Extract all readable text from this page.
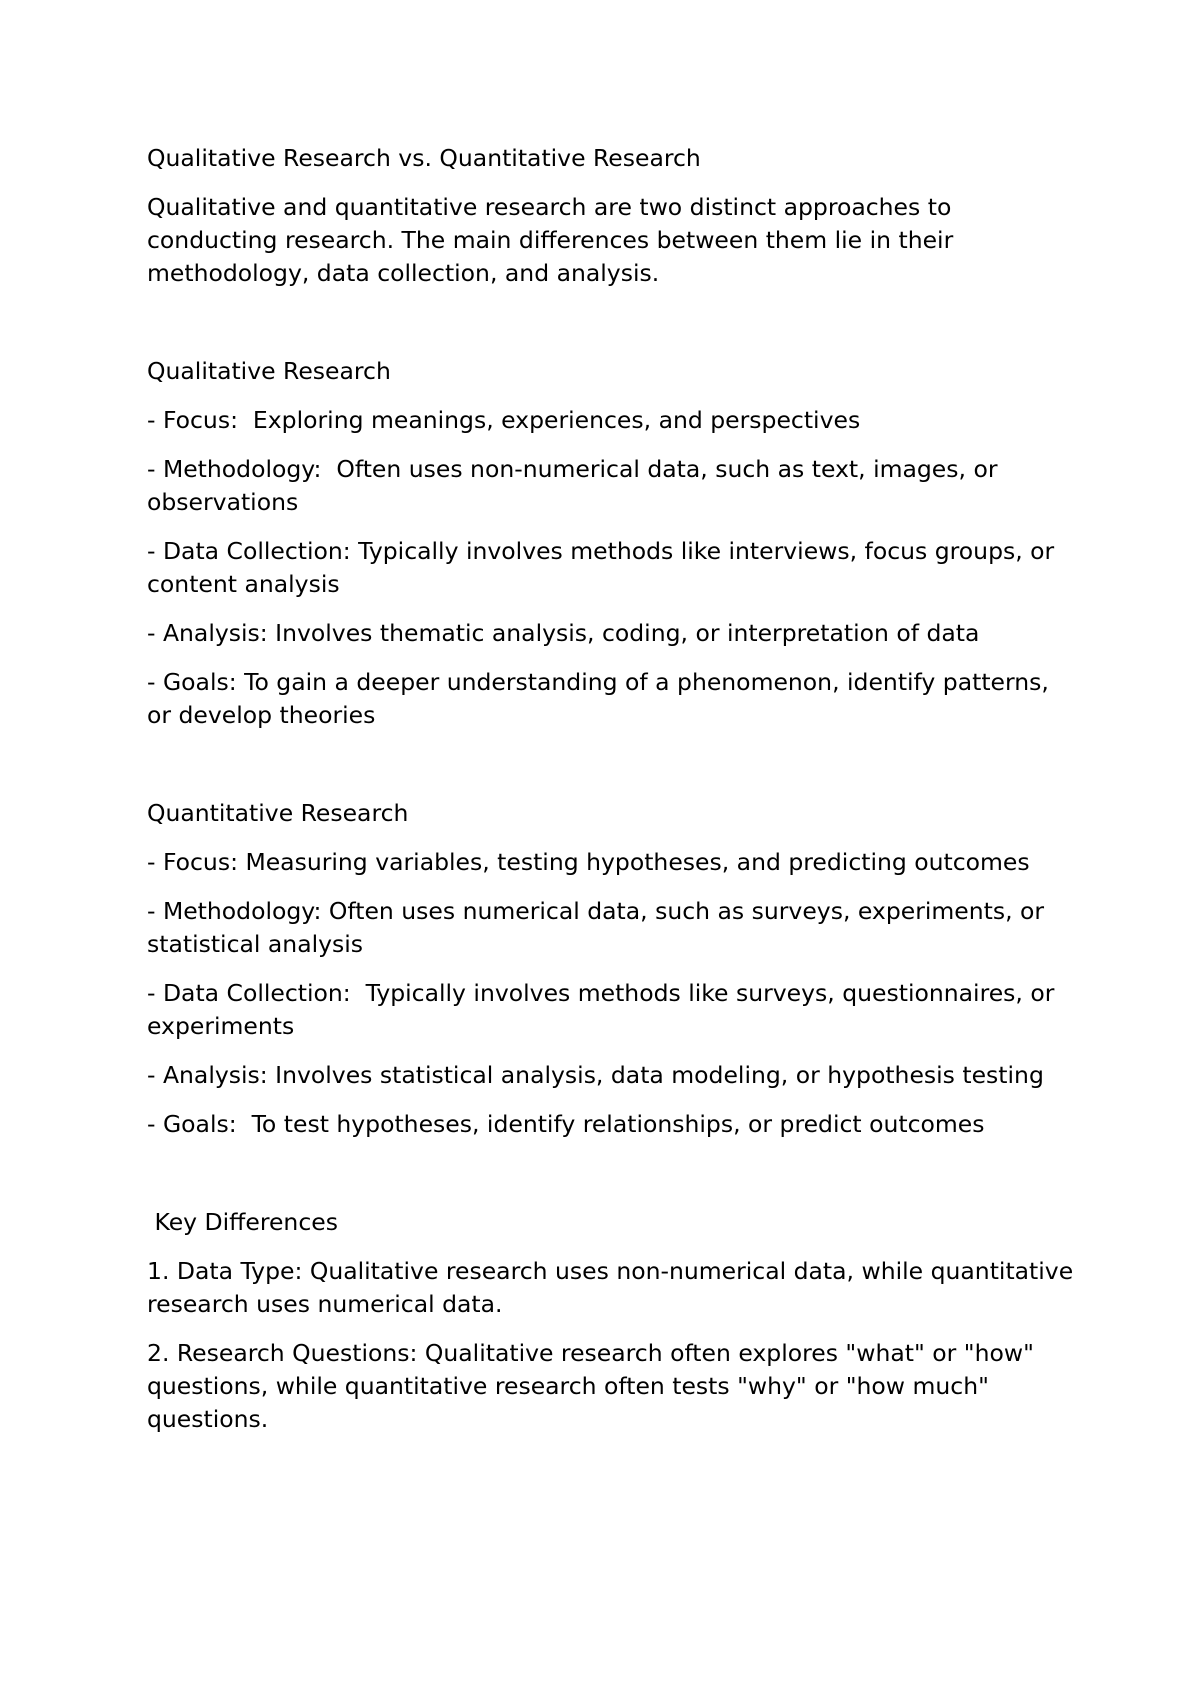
Qualitative Research vs. Quantitative Research

Qualitative and quantitative research are two distinct approaches to conducting research. The main differences between them lie in their methodology, data collection, and analysis.

Qualitative Research

- Focus:  Exploring meanings, experiences, and perspectives

- Methodology:  Often uses non-numerical data, such as text, images, or observations

- Data Collection: Typically involves methods like interviews, focus groups, or content analysis

- Analysis: Involves thematic analysis, coding, or interpretation of data

- Goals: To gain a deeper understanding of a phenomenon, identify patterns, or develop theories

Quantitative Research

- Focus: Measuring variables, testing hypotheses, and predicting outcomes

- Methodology: Often uses numerical data, such as surveys, experiments, or statistical analysis

- Data Collection:  Typically involves methods like surveys, questionnaires, or experiments

- Analysis: Involves statistical analysis, data modeling, or hypothesis testing

- Goals:  To test hypotheses, identify relationships, or predict outcomes

Key Differences

1. Data Type: Qualitative research uses non-numerical data, while quantitative research uses numerical data.

2. Research Questions: Qualitative research often explores "what" or "how" questions, while quantitative research often tests "why" or "how much" questions.
